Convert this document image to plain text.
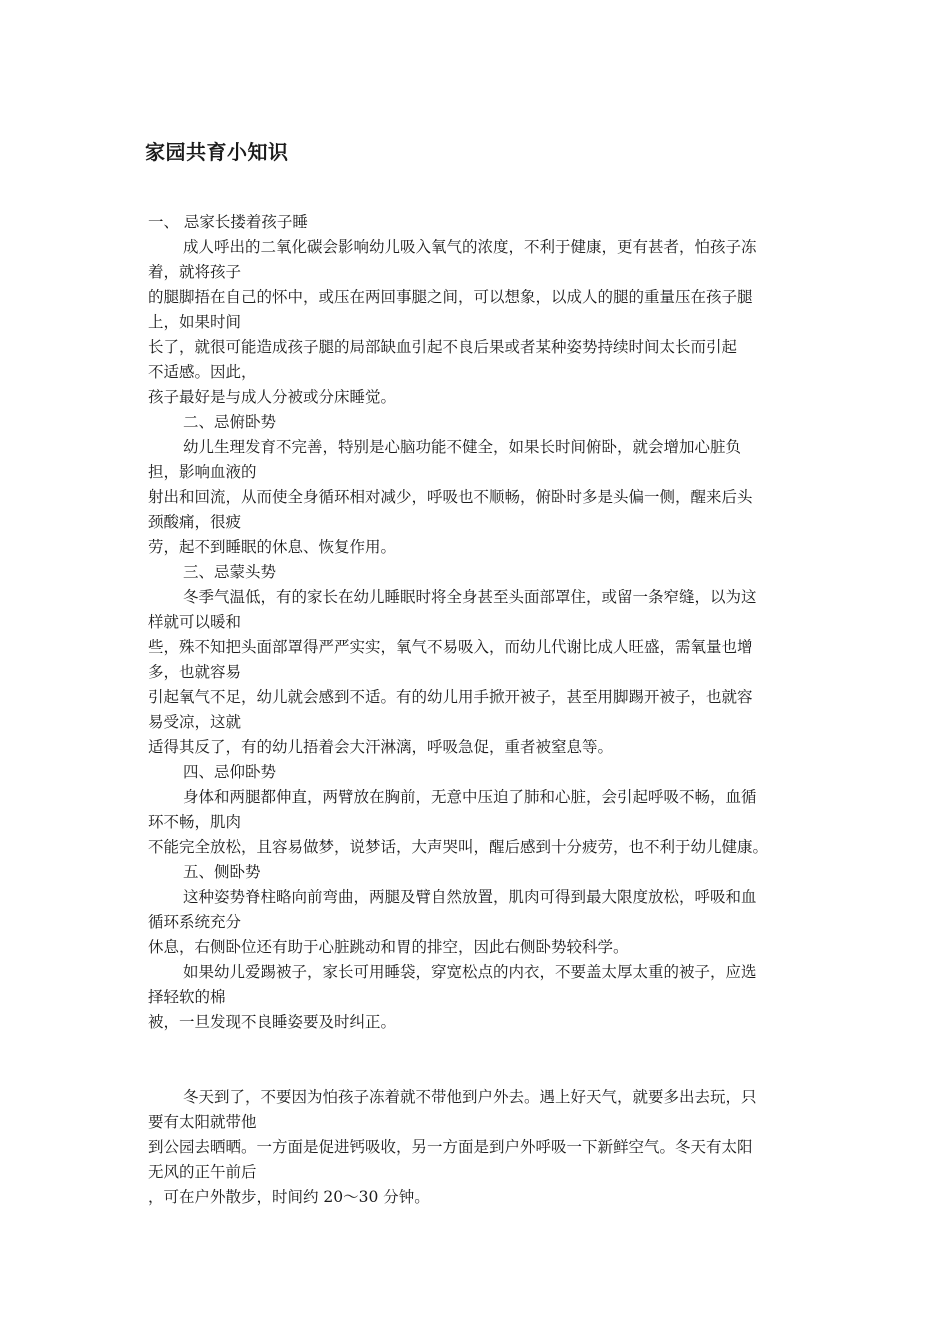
家园共育小知识
一、 忌家长搂着孩子睡
成人呼出的二氧化碳会影响幼儿吸入氧气的浓度，不利于健康，更有甚者，怕孩子冻
着，就将孩子
的腿脚捂在自己的怀中，或压在两回事腿之间，可以想象，以成人的腿的重量压在孩子腿
上，如果时间
长了，就很可能造成孩子腿的局部缺血引起不良后果或者某种姿势持续时间太长而引起
不适感。因此，
孩子最好是与成人分被或分床睡觉。
二、忌俯卧势
幼儿生理发育不完善，特别是心脑功能不健全，如果长时间俯卧，就会增加心脏负
担，影响血液的
射出和回流，从而使全身循环相对减少，呼吸也不顺畅，俯卧时多是头偏一侧，醒来后头
颈酸痛，很疲
劳，起不到睡眠的休息、恢复作用。
三、忌蒙头势
冬季气温低，有的家长在幼儿睡眠时将全身甚至头面部罩住，或留一条窄缝，以为这
样就可以暖和
些，殊不知把头面部罩得严严实实，氧气不易吸入，而幼儿代谢比成人旺盛，需氧量也增
多，也就容易
引起氧气不足，幼儿就会感到不适。有的幼儿用手掀开被子，甚至用脚踢开被子，也就容
易受凉，这就
适得其反了，有的幼儿捂着会大汗淋漓，呼吸急促，重者被窒息等。
四、忌仰卧势
身体和两腿都伸直，两臂放在胸前，无意中压迫了肺和心脏，会引起呼吸不畅，血循
环不畅，肌肉
不能完全放松，且容易做梦，说梦话，大声哭叫，醒后感到十分疲劳，也不利于幼儿健康。
五、侧卧势
这种姿势脊柱略向前弯曲，两腿及臂自然放置，肌肉可得到最大限度放松，呼吸和血
循环系统充分
休息，右侧卧位还有助于心脏跳动和胃的排空，因此右侧卧势较科学。
如果幼儿爱踢被子，家长可用睡袋，穿宽松点的内衣，不要盖太厚太重的被子，应选
择轻软的棉
被，一旦发现不良睡姿要及时纠正。
冬天到了，不要因为怕孩子冻着就不带他到户外去。遇上好天气，就要多出去玩，只
要有太阳就带他
到公园去晒晒。一方面是促进钙吸收，另一方面是到户外呼吸一下新鲜空气。冬天有太阳
无风的正午前后
，可在户外散步，时间约 20～30 分钟。
